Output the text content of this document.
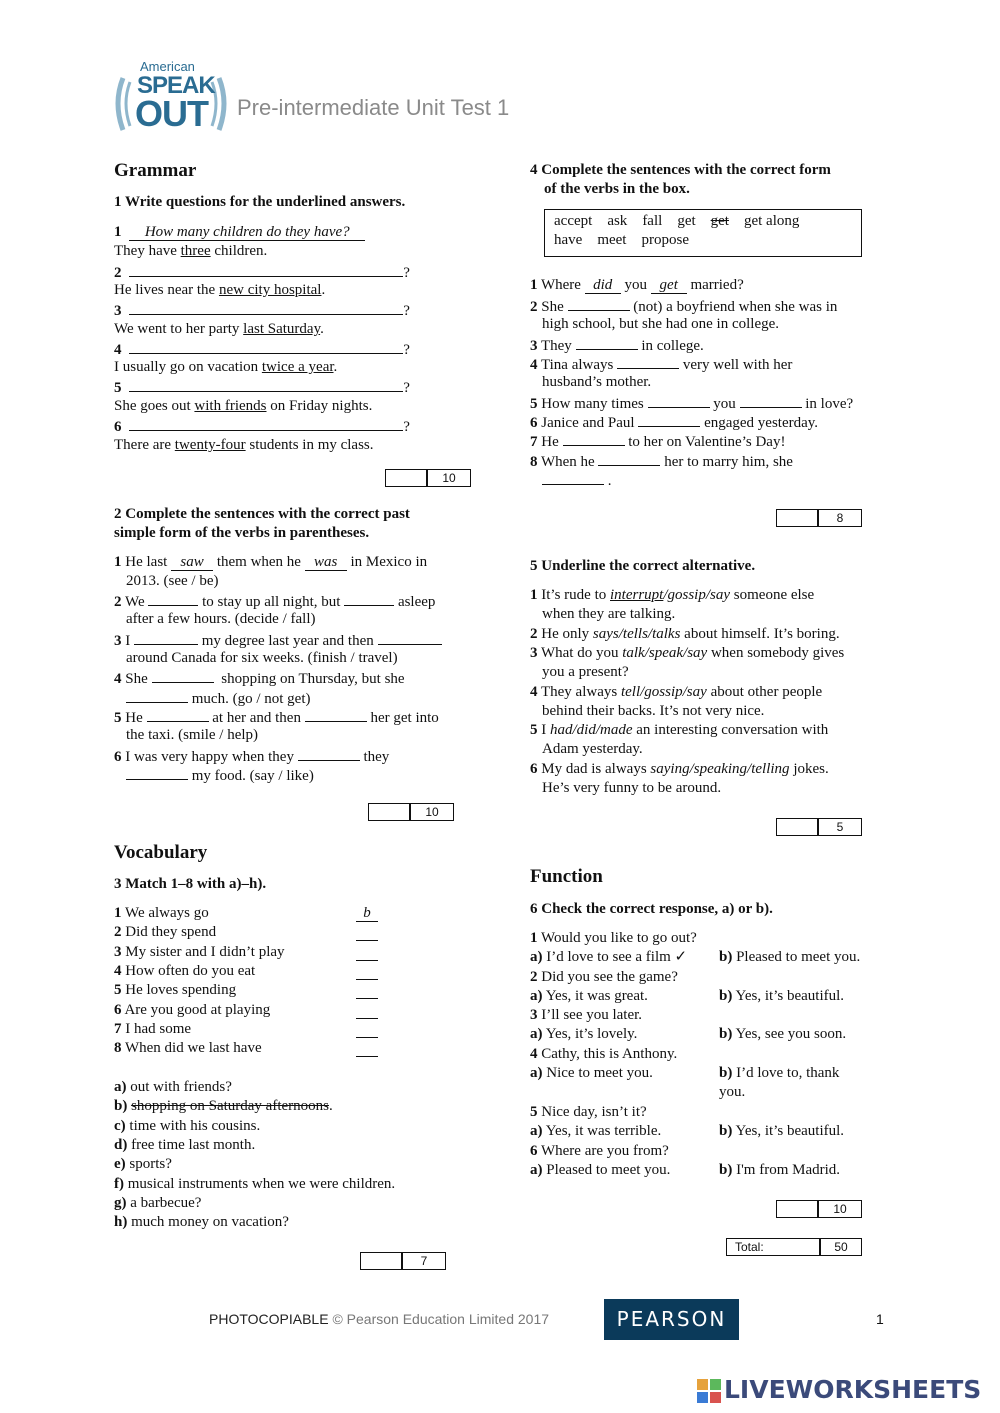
American
SPEAK
OUT Pre-intermediate Unit Test 1
Grammar
1 Write questions for the underlined answers.
1 How many children do they have?
They have three children.
2	?
He lives near the new city hospital.
3	?
We went to her party last Saturday.
4	?
I usually go on vacation twice a year.
5	?
She goes out with friends on Friday nights.
6	?
There are twenty-four students in my class.
10
2 Complete the sentences with the correct past
simple form of the verbs in parentheses.
1 He last saw them when he was in Mexico in
2013. (see / be)
2 We	to stay up all night, but	asleep
after a few hours. (decide / fall)
3 I	my degree last year and then
around Canada for six weeks. (finish / travel)
4 She	shopping on Thursday, but she
much. (go / not get)
5 He	at her and then	her get into
the taxi. (smile / help)
6 I was very happy when they	they
my food. (say / like)
10
Vocabulary
3 Match 1–8 with a)–h).
1 We always go	b
2 Did they spend
3 My sister and I didn’t play
4 How often do you eat
5 He loves spending
6 Are you good at playing
7 I had some
8 When did we last have
a) out with friends?
b) shopping on Saturday afternoons.
c) time with his cousins.
d) free time last month.
e) sports?
f) musical instruments when we were children.
g) a barbecue?
h) much money on vacation?
7
4 Complete the sentences with the correct form
of the verbs in the box.
accept ask fall get get get along
have meet propose
1 Where did you get married?
2 She	(not) a boyfriend when she was in
high school, but she had one in college.
3 They	in college.
4 Tina always	very well with her
husband’s mother.
5 How many times	you	in love?
6 Janice and Paul	engaged yesterday.
7 He	to her on Valentine’s Day!
8 When he	her to marry him, she
.
8
5 Underline the correct alternative.
1 It’s rude to interrupt/gossip/say someone else
when they are talking.
2 He only says/tells/talks about himself. It’s boring.
3 What do you talk/speak/say when somebody gives
you a present?
4 They always tell/gossip/say about other people
behind their backs. It’s not very nice.
5 I had/did/made an interesting conversation with
Adam yesterday.
6 My dad is always saying/speaking/telling jokes.
He’s very funny to be around.
5
Function
6 Check the correct response, a) or b).
1 Would you like to go out?
a) I’d love to see a film ✓ b) Pleased to meet you.
2 Did you see the game?
a) Yes, it was great.	b) Yes, it’s beautiful.
3 I’ll see you later.
a) Yes, it’s lovely.	b) Yes, see you soon.
4 Cathy, this is Anthony.
a) Nice to meet you.	b) I’d love to, thank
you.
5 Nice day, isn’t it?
a) Yes, it was terrible.	b) Yes, it’s beautiful.
6 Where are you from?
a) Pleased to meet you.	b) I'm from Madrid.
10
Total:	50
PHOTOCOPIABLE © Pearson Education Limited 2017	PEARSON	1
LIVEWORKSHEETS
